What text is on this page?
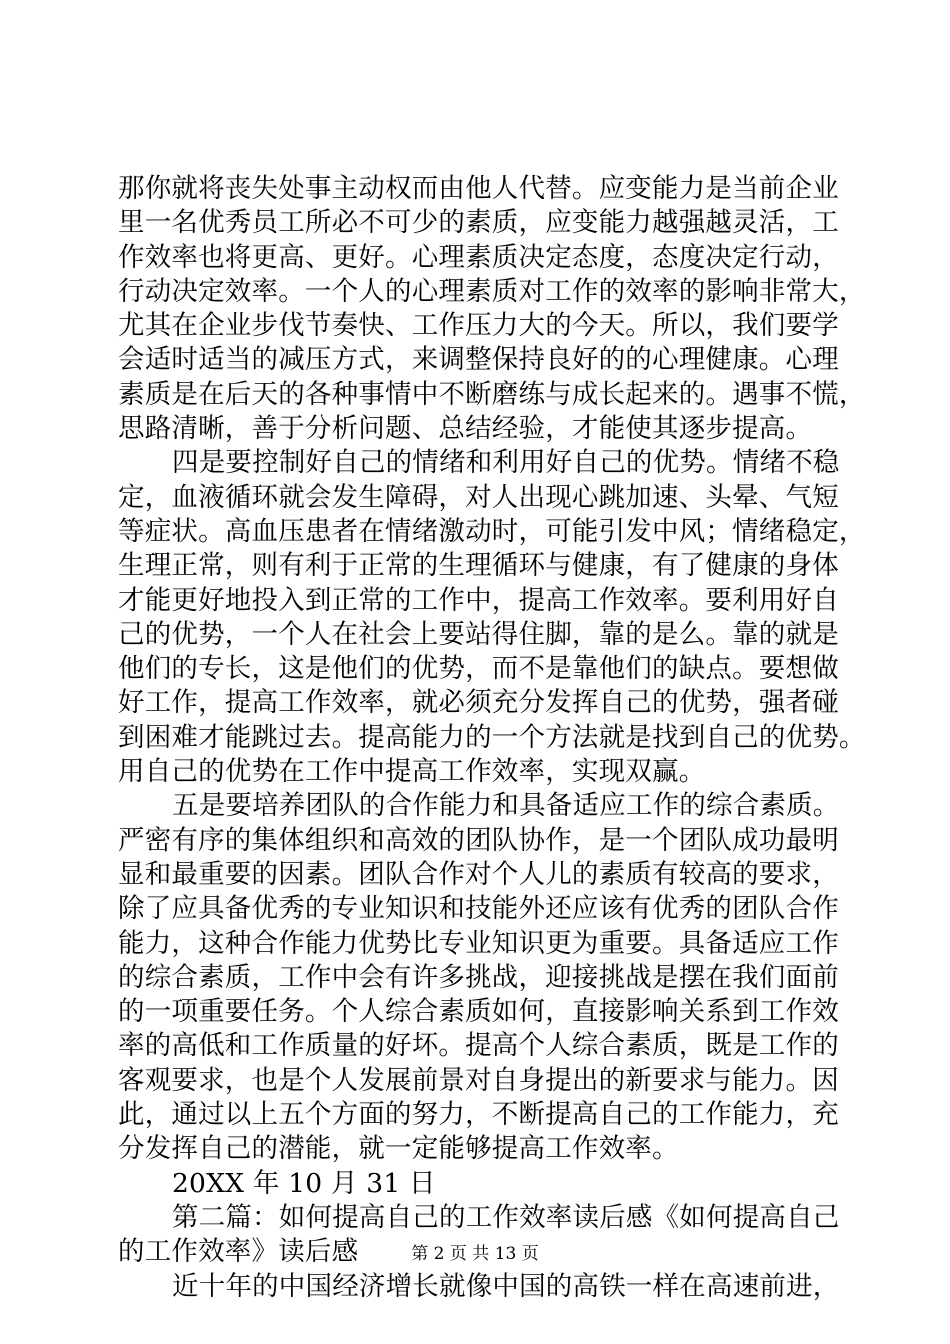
那你就将丧失处事主动权而由他人代替。应变能力是当前企业
里一名优秀员工所必不可少的素质，应变能力越强越灵活，工
作效率也将更高、更好。心理素质决定态度，态度决定行动，
行动决定效率。一个人的心理素质对工作的效率的影响非常大，
尤其在企业步伐节奏快、工作压力大的今天。所以，我们要学
会适时适当的减压方式，来调整保持良好的的心理健康。心理
素质是在后天的各种事情中不断磨练与成长起来的。遇事不慌，
思路清晰，善于分析问题、总结经验，才能使其逐步提高。
四是要控制好自己的情绪和利用好自己的优势。情绪不稳
定，血液循环就会发生障碍，对人出现心跳加速、头晕、气短
等症状。高血压患者在情绪激动时，可能引发中风；情绪稳定，
生理正常，则有利于正常的生理循环与健康，有了健康的身体
才能更好地投入到正常的工作中，提高工作效率。要利用好自
己的优势，一个人在社会上要站得住脚，靠的是么。靠的就是
他们的专长，这是他们的优势，而不是靠他们的缺点。要想做
好工作，提高工作效率，就必须充分发挥自己的优势，强者碰
到困难才能跳过去。提高能力的一个方法就是找到自己的优势。
用自己的优势在工作中提高工作效率，实现双赢。
五是要培养团队的合作能力和具备适应工作的综合素质。
严密有序的集体组织和高效的团队协作，是一个团队成功最明
显和最重要的因素。团队合作对个人儿的素质有较高的要求，
除了应具备优秀的专业知识和技能外还应该有优秀的团队合作
能力，这种合作能力优势比专业知识更为重要。具备适应工作
的综合素质，工作中会有许多挑战，迎接挑战是摆在我们面前
的一项重要任务。个人综合素质如何，直接影响关系到工作效
率的高低和工作质量的好坏。提高个人综合素质，既是工作的
客观要求，也是个人发展前景对自身提出的新要求与能力。因
此，通过以上五个方面的努力，不断提高自己的工作能力，充
分发挥自己的潜能，就一定能够提高工作效率。
20XX 年 10 月 31 日
第二篇：如何提高自己的工作效率读后感《如何提高自己
的工作效率》读后感
近十年的中国经济增长就像中国的高铁一样在高速前进，
第 2 页 共 13 页
